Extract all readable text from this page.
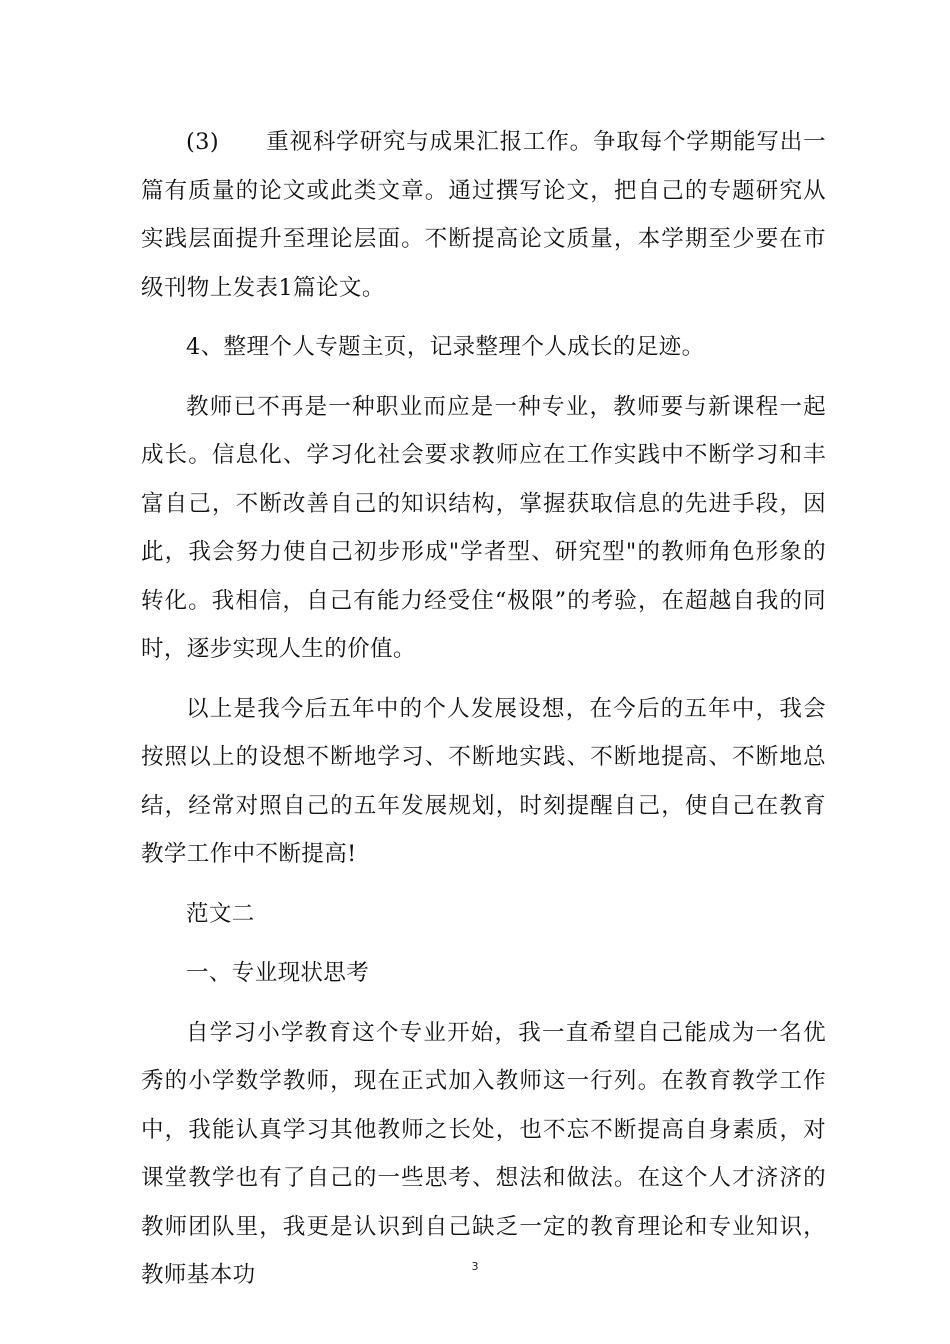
(3)　　重视科学研究与成果汇报工作。争取每个学期能写出一篇有质量的论文或此类文章。通过撰写论文，把自己的专题研究从实践层面提升至理论层面。不断提高论文质量，本学期至少要在市级刊物上发表1篇论文。

4、整理个人专题主页，记录整理个人成长的足迹。

教师已不再是一种职业而应是一种专业，教师要与新课程一起成长。信息化、学习化社会要求教师应在工作实践中不断学习和丰富自己，不断改善自己的知识结构，掌握获取信息的先进手段，因此，我会努力使自己初步形成"学者型、研究型"的教师角色形象的转化。我相信，自己有能力经受住“极限”的考验，在超越自我的同时，逐步实现人生的价值。

以上是我今后五年中的个人发展设想，在今后的五年中，我会按照以上的设想不断地学习、不断地实践、不断地提高、不断地总结，经常对照自己的五年发展规划，时刻提醒自己，使自己在教育教学工作中不断提高!

范文二

一、专业现状思考

自学习小学教育这个专业开始，我一直希望自己能成为一名优秀的小学数学教师，现在正式加入教师这一行列。在教育教学工作中，我能认真学习其他教师之长处，也不忘不断提高自身素质，对课堂教学也有了自己的一些思考、想法和做法。在这个人才济济的教师团队里，我更是认识到自己缺乏一定的教育理论和专业知识，教师基本功	3
